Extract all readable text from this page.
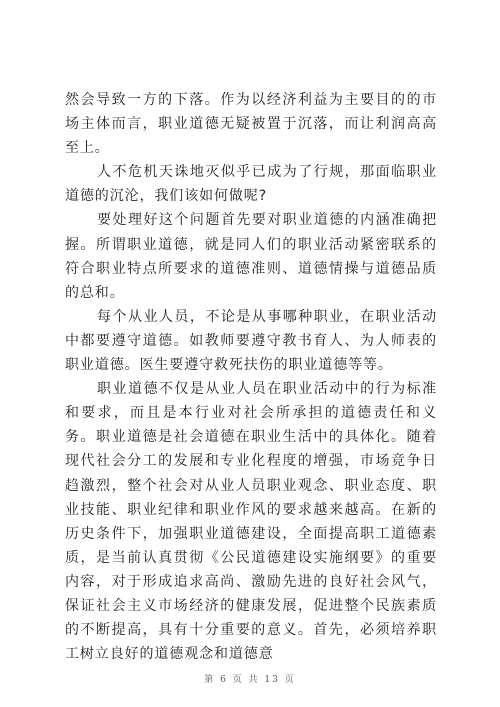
然会导致一方的下落。作为以经济利益为主要目的的市场主体而言，职业道德无疑被置于沉落，而让利润高高至上。

人不危机天诛地灭似乎已成为了行规，那面临职业道德的沉沦，我们该如何做呢?

要处理好这个问题首先要对职业道德的内涵准确把握。所谓职业道德，就是同人们的职业活动紧密联系的符合职业特点所要求的道德准则、道德情操与道德品质的总和。

每个从业人员，不论是从事哪种职业，在职业活动中都要遵守道德。如教师要遵守教书育人、为人师表的职业道德。医生要遵守救死扶伤的职业道德等等。

职业道德不仅是从业人员在职业活动中的行为标准和要求，而且是本行业对社会所承担的道德责任和义务。职业道德是社会道德在职业生活中的具体化。随着现代社会分工的发展和专业化程度的增强，市场竞争日趋激烈，整个社会对从业人员职业观念、职业态度、职业技能、职业纪律和职业作风的要求越来越高。在新的历史条件下，加强职业道德建设，全面提高职工道德素质，是当前认真贯彻《公民道德建设实施纲要》的重要内容，对于形成追求高尚、激励先进的良好社会风气，保证社会主义市场经济的健康发展，促进整个民族素质的不断提高，具有十分重要的意义。首先，必须培养职工树立良好的道德观念和道德意

第 6 页 共 13 页
